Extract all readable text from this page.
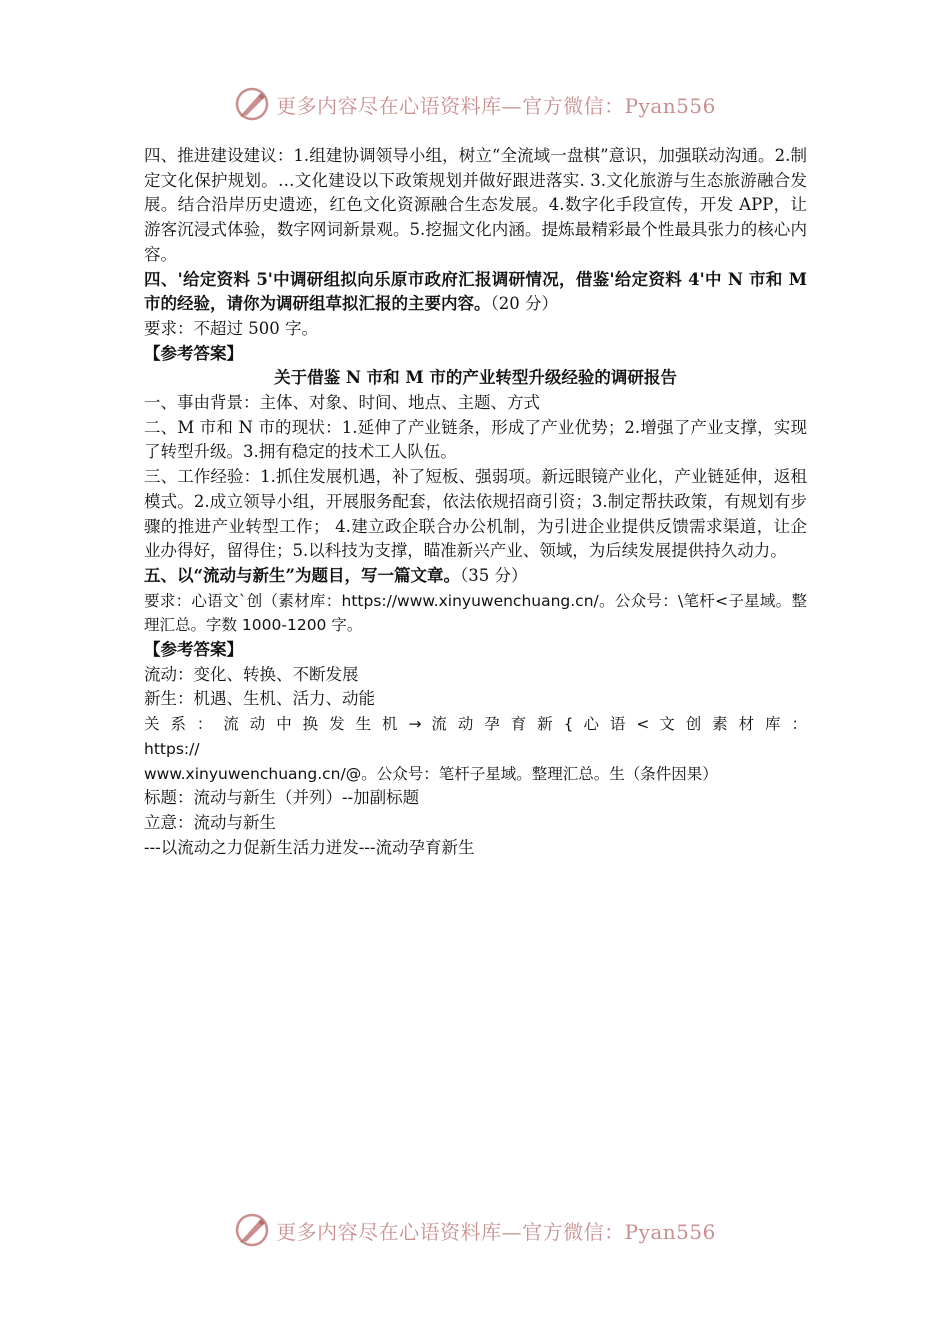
更多内容尽在心语资料库—官方微信：Pyan556

四、推进建设建议：1.组建协调领导小组，树立“全流域一盘棋”意识，加强联动沟通。2.制定文化保护规划。…文化建设以下政策规划并做好跟进落实. 3.文化旅游与生态旅游融合发展。结合沿岸历史遗迹，红色文化资源融合生态发展。4.数字化手段宣传，开发 APP，让游客沉浸式体验，数字网词新景观。5.挖掘文化内涵。提炼最精彩最个性最具张力的核心内容。

四、'给定资料 5'中调研组拟向乐原市政府汇报调研情况，借鉴'给定资料 4'中 N 市和 M 市的经验，请你为调研组草拟汇报的主要内容。（20 分）

要求：不超过 500 字。

【参考答案】

关于借鉴 N 市和 M 市的产业转型升级经验的调研报告

一、事由背景：主体、对象、时间、地点、主题、方式

二、M 市和 N 市的现状：1.延伸了产业链条，形成了产业优势；2.增强了产业支撑，实现了转型升级。3.拥有稳定的技术工人队伍。

三、工作经验：1.抓住发展机遇，补了短板、强弱项。新远眼镜产业化，产业链延伸，返租模式。2.成立领导小组，开展服务配套，依法依规招商引资；3.制定帮扶政策，有规划有步骤的推进产业转型工作； 4.建立政企联合办公机制，为引进企业提供反馈需求渠道，让企业办得好，留得住；5.以科技为支撑，瞄准新兴产业、领域，为后续发展提供持久动力。

五、以“流动与新生”为题目，写一篇文章。（35 分）

要求：心语文`创（素材库：https://www.xinyuwenchuang.cn/。公众号：\笔杆<子星域。整理汇总。字数 1000-1200 字。

【参考答案】

流动：变化、转换、不断发展

新生：机遇、生机、活力、动能

关 系 ： 流 动 中 换 发 生 机 → 流 动 孕 育 新 { 心 语 < 文 创 素 材 库 ： https://

www.xinyuwenchuang.cn/@。公众号：笔杆子星域。整理汇总。生（条件因果）

标题：流动与新生（并列）--加副标题

立意：流动与新生

---以流动之力促新生活力迸发---流动孕育新生

更多内容尽在心语资料库—官方微信：Pyan556
